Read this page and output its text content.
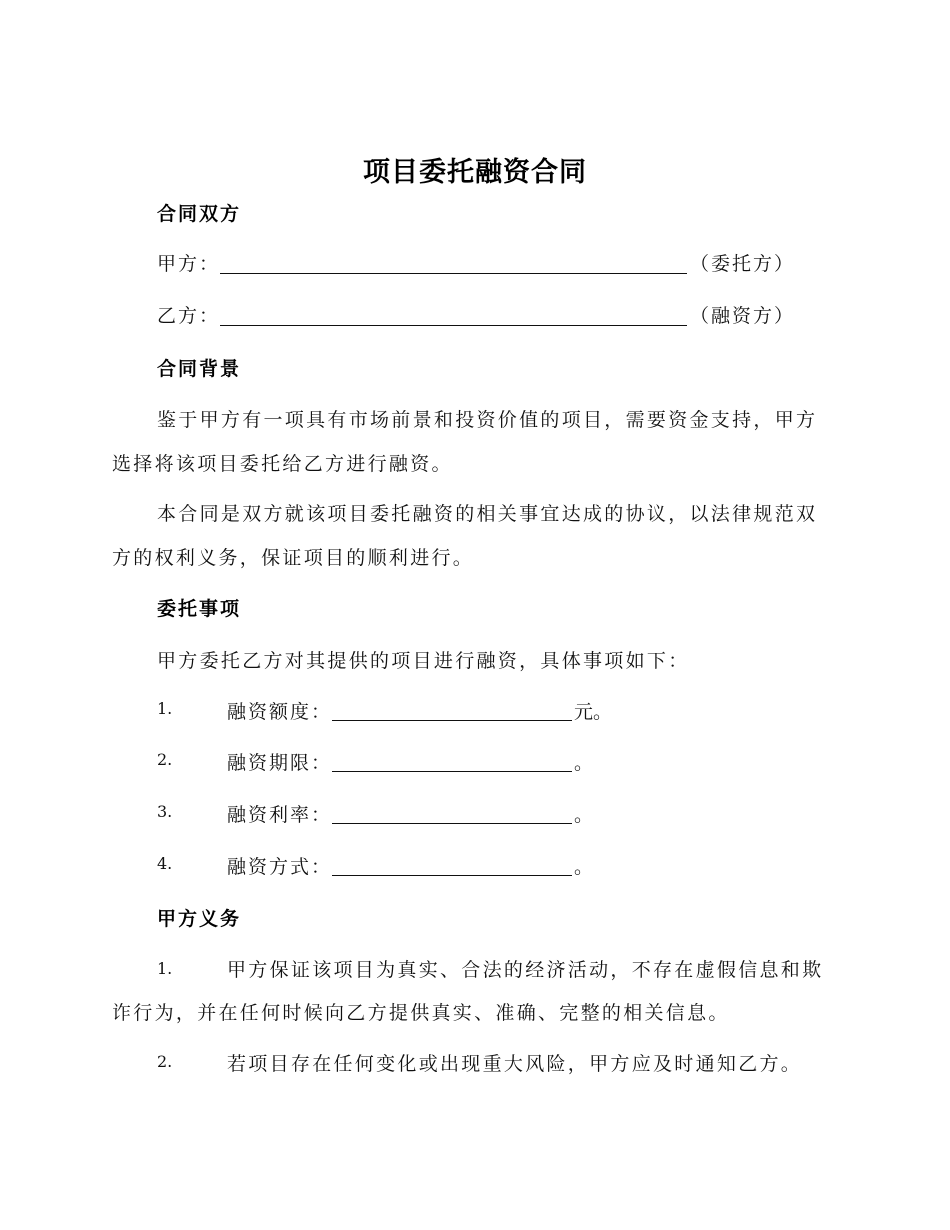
项目委托融资合同
合同双方
甲方：	（委托方）
乙方：	（融资方）
合同背景
鉴于甲方有一项具有市场前景和投资价值的项目，需要资金支持，甲方
选择将该项目委托给乙方进行融资。
本合同是双方就该项目委托融资的相关事宜达成的协议，以法律规范双
方的权利义务，保证项目的顺利进行。
委托事项
甲方委托乙方对其提供的项目进行融资，具体事项如下：
1.	融资额度：	元。
2.	融资期限：	。
3.	融资利率：	。
4.	融资方式：	。
甲方义务
1.	甲方保证该项目为真实、合法的经济活动，不存在虚假信息和欺
诈行为，并在任何时候向乙方提供真实、准确、完整的相关信息。
2.	若项目存在任何变化或出现重大风险，甲方应及时通知乙方。
